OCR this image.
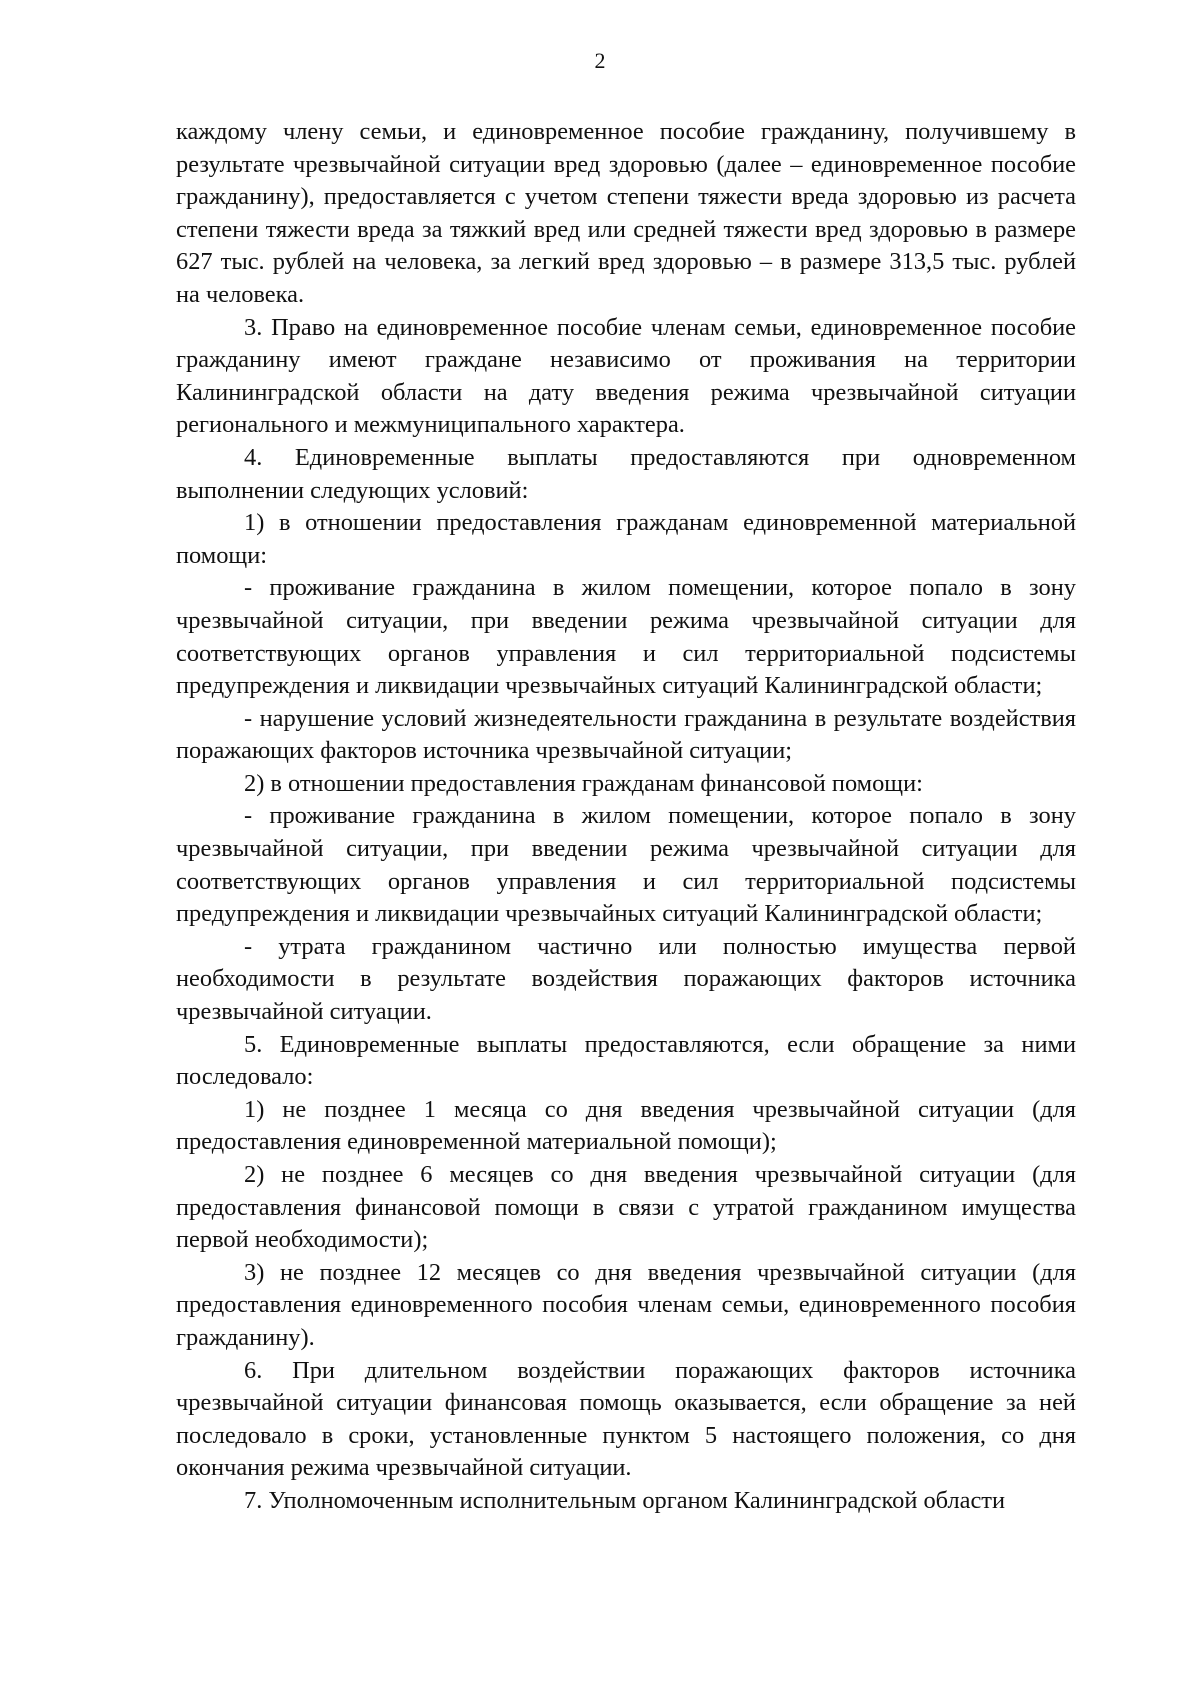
2

каждому члену семьи, и единовременное пособие гражданину, получившему в результате чрезвычайной ситуации вред здоровью (далее – единовременное пособие гражданину), предоставляется с учетом степени тяжести вреда здоровью из расчета степени тяжести вреда за тяжкий вред или средней тяжести вред здоровью в размере 627 тыс. рублей на человека, за легкий вред здоровью – в размере 313,5 тыс. рублей на человека.

3. Право на единовременное пособие членам семьи, единовременное пособие гражданину имеют граждане независимо от проживания на территории Калининградской области на дату введения режима чрезвычайной ситуации регионального и межмуниципального характера.

4. Единовременные выплаты предоставляются при одновременном выполнении следующих условий:

1) в отношении предоставления гражданам единовременной материальной помощи:

- проживание гражданина в жилом помещении, которое попало в зону чрезвычайной ситуации, при введении режима чрезвычайной ситуации для соответствующих органов управления и сил территориальной подсистемы предупреждения и ликвидации чрезвычайных ситуаций Калининградской области;

- нарушение условий жизнедеятельности гражданина в результате воздействия поражающих факторов источника чрезвычайной ситуации;

2) в отношении предоставления гражданам финансовой помощи:

- проживание гражданина в жилом помещении, которое попало в зону чрезвычайной ситуации, при введении режима чрезвычайной ситуации для соответствующих органов управления и сил территориальной подсистемы предупреждения и ликвидации чрезвычайных ситуаций Калининградской области;

- утрата гражданином частично или полностью имущества первой необходимости в результате воздействия поражающих факторов источника чрезвычайной ситуации.

5. Единовременные выплаты предоставляются, если обращение за ними последовало:

1) не позднее 1 месяца со дня введения чрезвычайной ситуации (для предоставления единовременной материальной помощи);

2) не позднее 6 месяцев со дня введения чрезвычайной ситуации (для предоставления финансовой помощи в связи с утратой гражданином имущества первой необходимости);

3) не позднее 12 месяцев со дня введения чрезвычайной ситуации (для предоставления единовременного пособия членам семьи, единовременного пособия гражданину).

6. При длительном воздействии поражающих факторов источника чрезвычайной ситуации финансовая помощь оказывается, если обращение за ней последовало в сроки, установленные пунктом 5 настоящего положения, со дня окончания режима чрезвычайной ситуации.

7. Уполномоченным исполнительным органом Калининградской области
